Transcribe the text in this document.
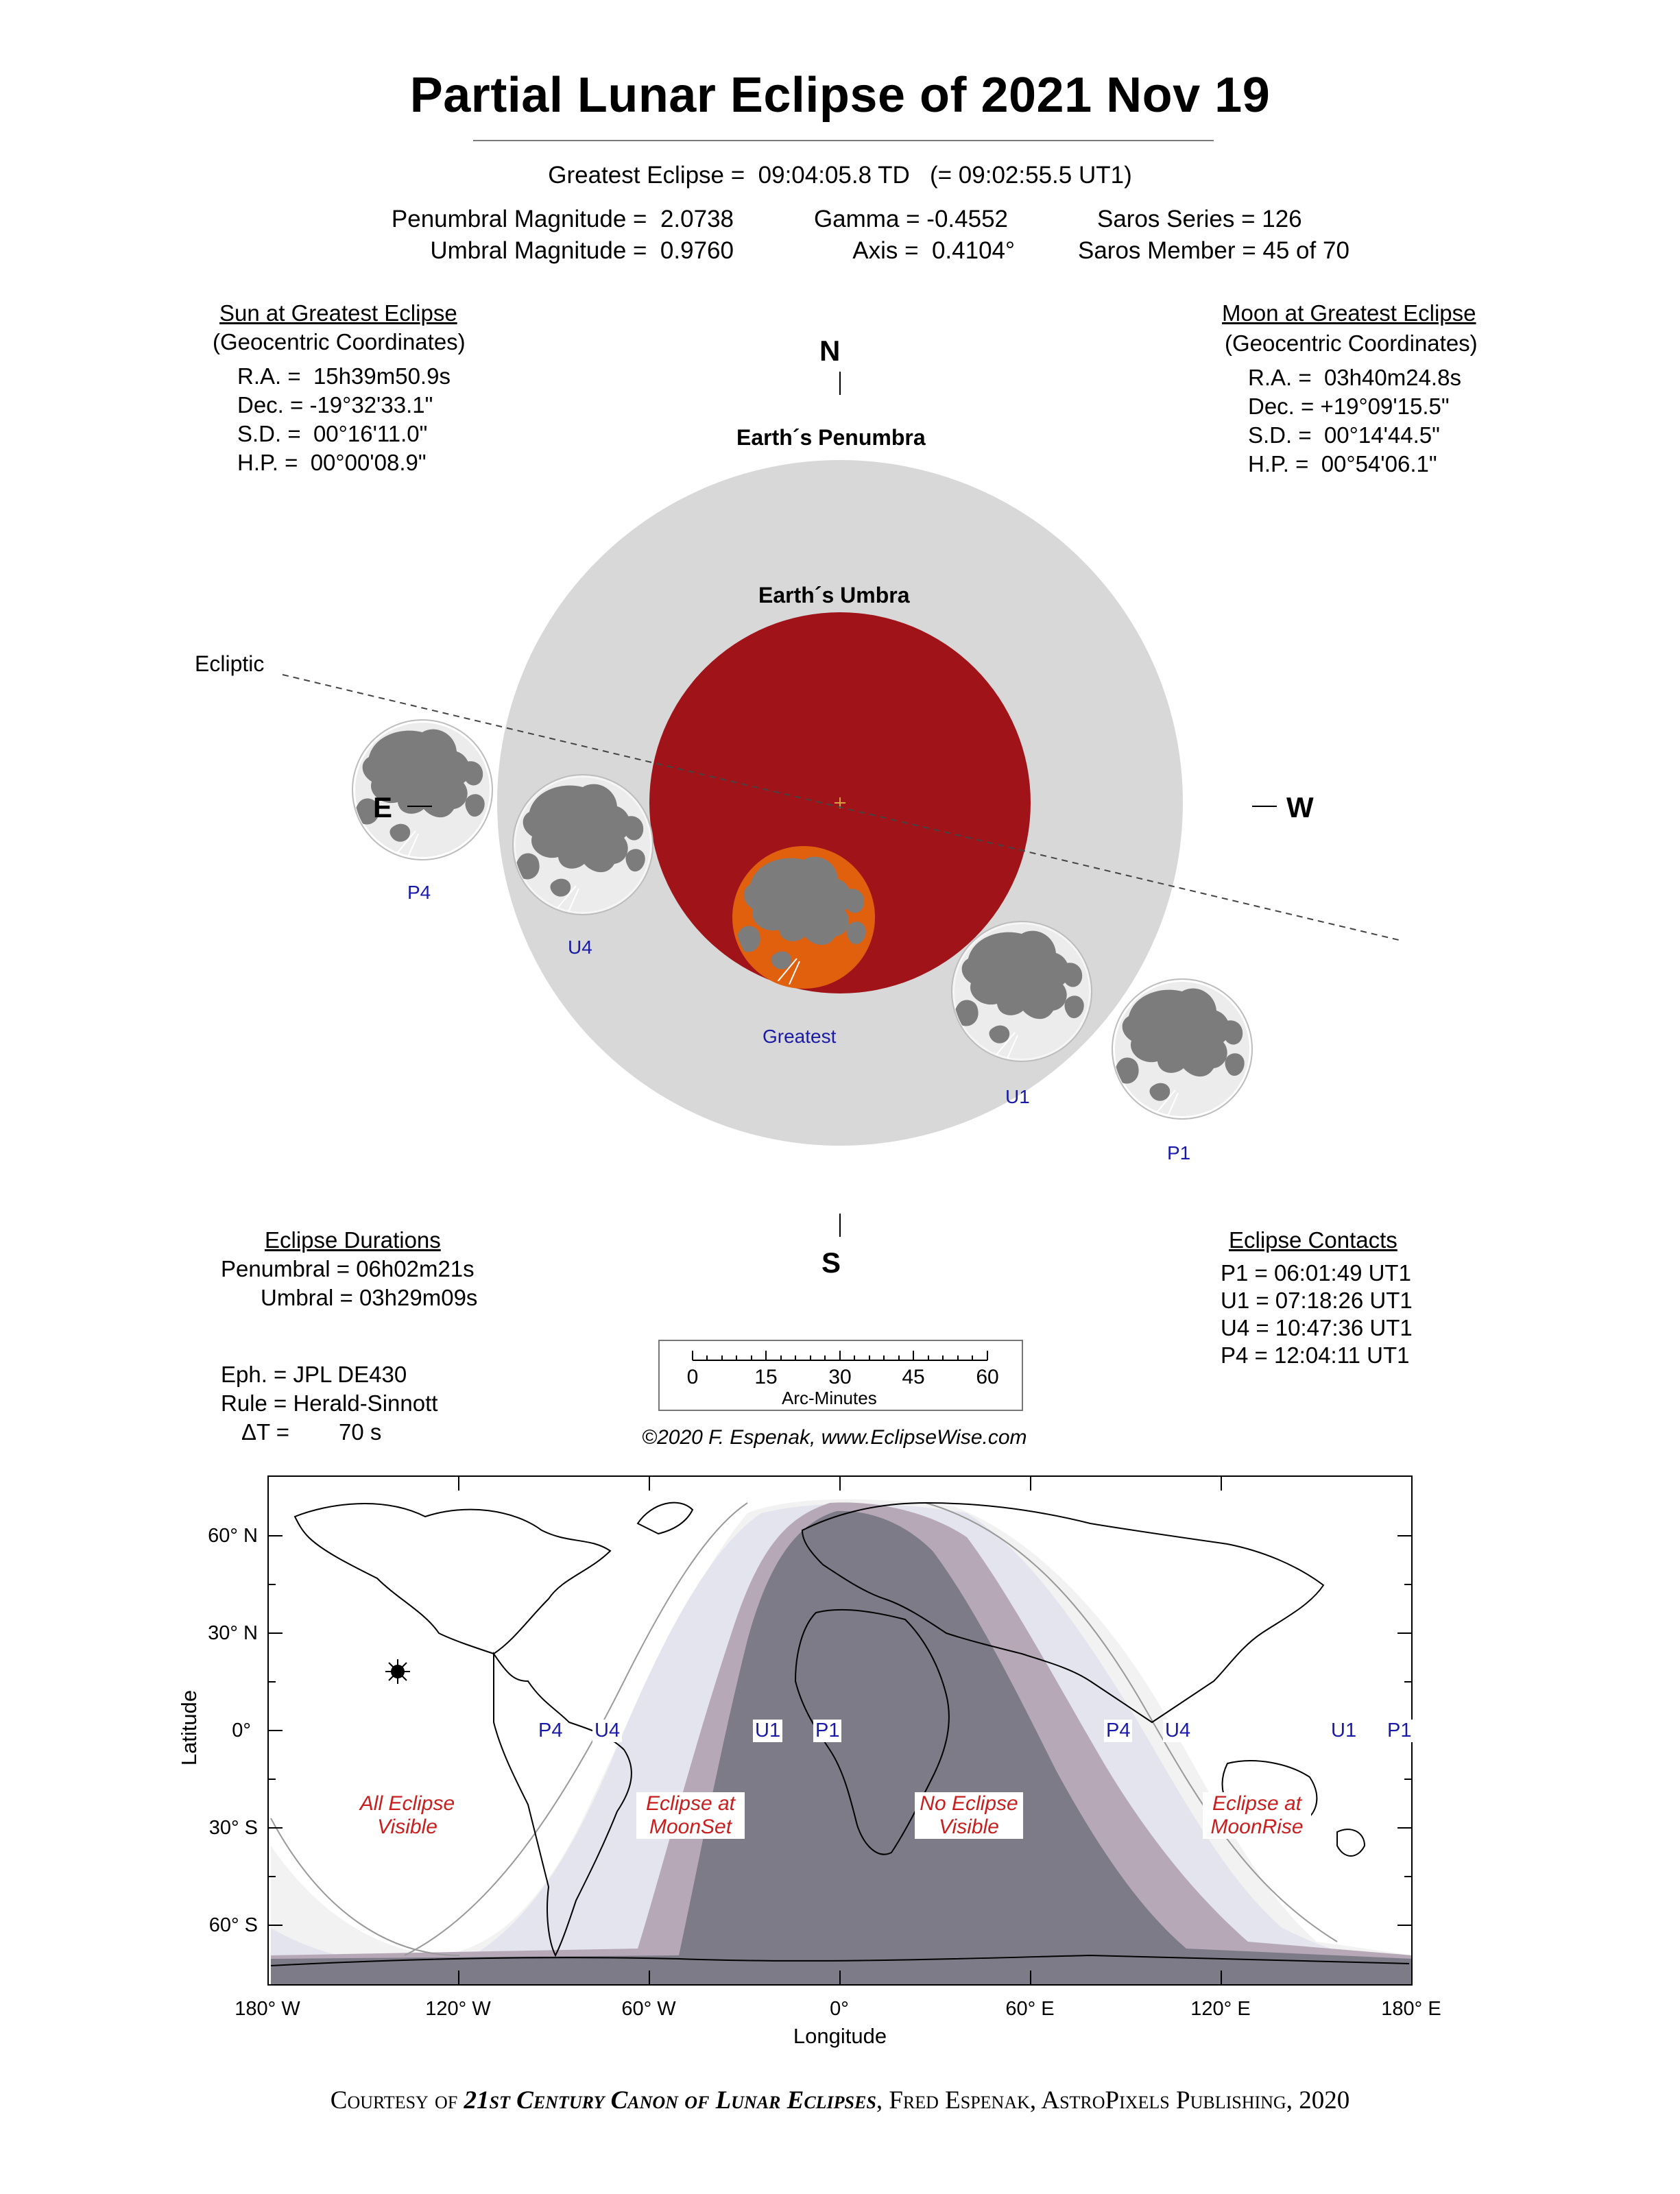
Partial Lunar Eclipse of 2021 Nov 19
Greatest Eclipse =  09:04:05.8 TD   (= 09:02:55.5 UT1)
Penumbral Magnitude =  2.0738
Umbral Magnitude =  0.9760
Gamma = -0.4552
Axis =  0.4104°
Saros Series = 126
Saros Member = 45 of 70
Sun at Greatest Eclipse
(Geocentric Coordinates)
R.A. =  15h39m50.9s
Dec. = -19°32'33.1"
S.D. =  00°16'11.0"
H.P. =  00°00'08.9"
Moon at Greatest Eclipse
(Geocentric Coordinates)
R.A. =  03h40m24.8s
Dec. = +19°09'15.5"
S.D. =  00°14'44.5"
H.P. =  00°54'06.1"
N
S
E	W
Earth´s Penumbra
Earth´s Umbra
Ecliptic
P4
U4
Greatest
U1
P1
Eclipse Durations
Penumbral = 06h02m21s
Umbral = 03h29m09s
Eclipse Contacts
P1 = 06:01:49 UT1
U1 = 07:18:26 UT1
U4 = 10:47:36 UT1
P4 = 12:04:11 UT1
Eph. = JPL DE430
Rule = Herald-Sinnott
ΔT = 70 s
0	15 30 45 60
Arc-Minutes
©2020 F. Espenak, www.EclipseWise.com
60° N
30° N
0°
30° S
60° S
Latitude
180° W	120° W	60° W	0°	60° E	120° E	180° E
Longitude
P4 U4	U1 P1	P4 U4	U1 P1
All Eclipse
Visible
Eclipse at
MoonSet
No Eclipse
Visible
Eclipse at
MoonRise
Courtesy of 21st Century Canon of Lunar Eclipses, Fred Espenak, AstroPixels Publishing, 2020
